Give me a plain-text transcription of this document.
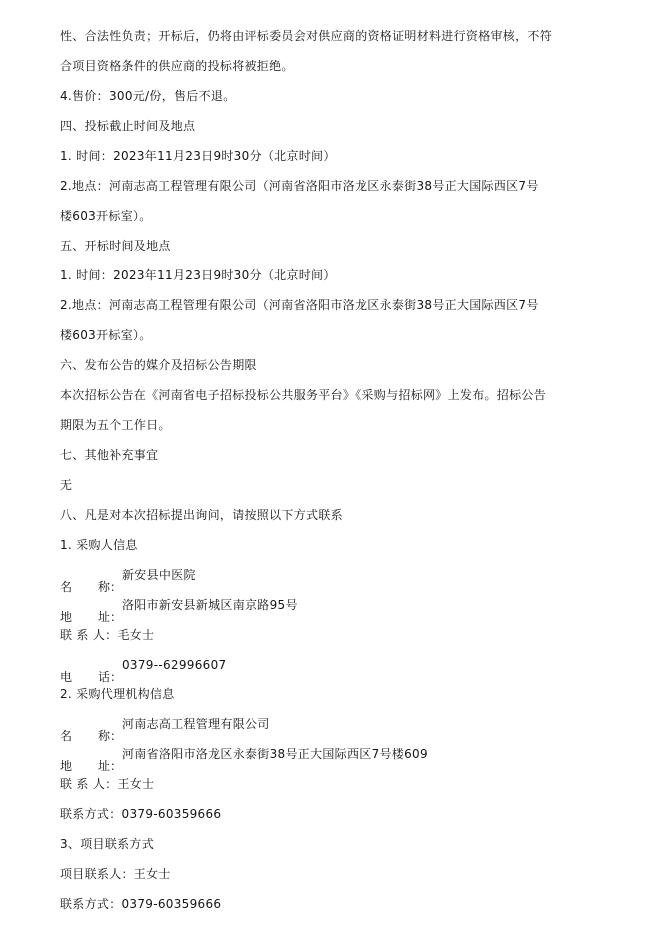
性、合法性负责；开标后，仍将由评标委员会对供应商的资格证明材料进行资格审核，不符
合项目资格条件的供应商的投标将被拒绝。
4.售价：300元/份，售后不退。
四、投标截止时间及地点
1. 时间：2023年11月23日9时30分（北京时间）
2.地点：河南志高工程管理有限公司（河南省洛阳市洛龙区永泰街38号正大国际西区7号
楼603开标室）。
五、开标时间及地点
1. 时间：2023年11月23日9时30分（北京时间）
2.地点：河南志高工程管理有限公司（河南省洛阳市洛龙区永泰街38号正大国际西区7号
楼603开标室）。
六、发布公告的媒介及招标公告期限
本次招标公告在《河南省电子招标投标公共服务平台》《采购与招标网》上发布。招标公告
期限为五个工作日。
七、其他补充事宜
无
八、凡是对本次招标提出询问，请按照以下方式联系
1. 采购人信息
名 称：
新安县中医院
地 址：
洛阳市新安县新城区南京路95号
联 系 人：毛女士
电 话：
0379--62996607
2. 采购代理机构信息
名 称：
河南志高工程管理有限公司
地 址：
河南省洛阳市洛龙区永泰街38号正大国际西区7号楼609
联 系 人：王女士
联系方式：0379-60359666
3、项目联系方式
项目联系人：王女士
联系方式：0379-60359666
